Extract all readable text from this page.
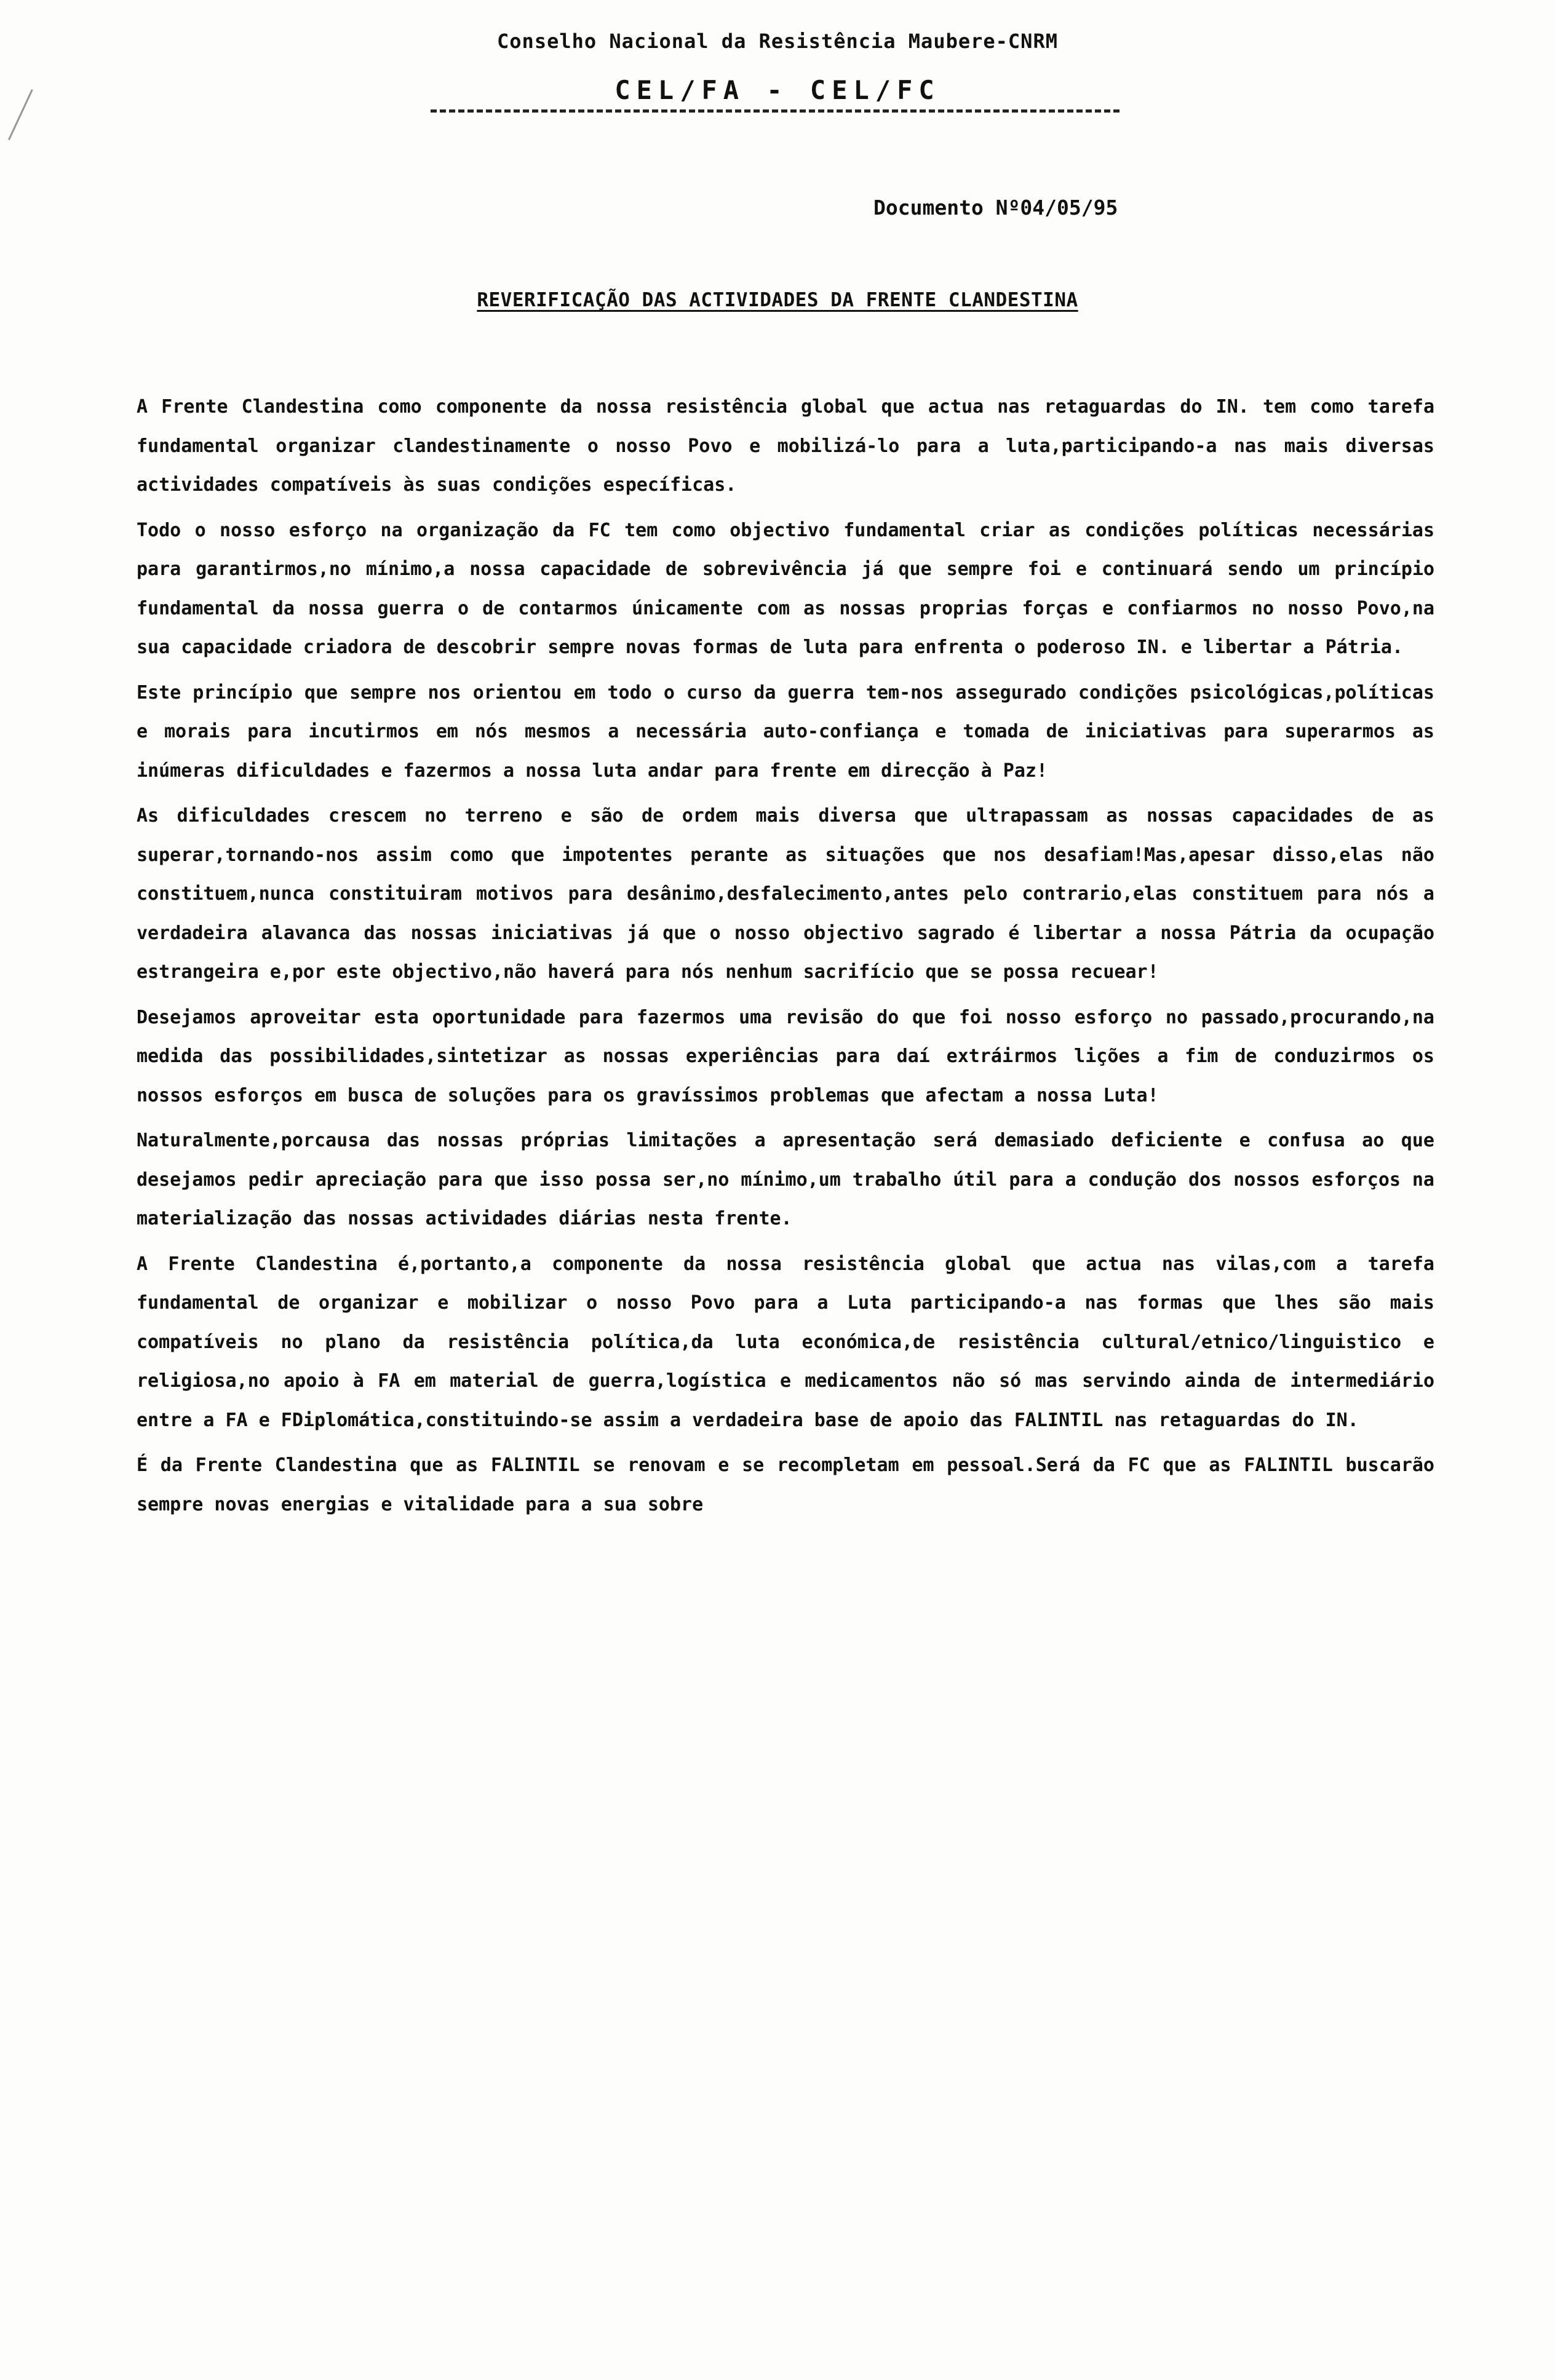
Conselho Nacional da Resistência Maubere-CNRM
CEL/FA - CEL/FC
Documento Nº04/05/95
REVERIFICAÇÃO DAS ACTIVIDADES DA FRENTE CLANDESTINA

A Frente Clandestina como componente da nossa resistência global que actua nas retaguardas do IN. tem como tarefa fundamental organizar clandestinamente o nosso Povo e mobilizá-lo para a luta,participando-a nas mais diversas actividades compatíveis às suas condições específicas.

Todo o nosso esforço na organização da FC tem como objectivo fundamental criar as condições políticas necessárias para garantirmos,no mínimo,a nossa capacidade de sobrevivência já que sempre foi e continuará sendo um princípio fundamental da nossa guerra o de contarmos únicamente com as nossas proprias forças e confiarmos no nosso Povo,na sua capacidade criadora de descobrir sempre novas formas de luta para enfrenta o poderoso IN. e libertar a Pátria.

Este princípio que sempre nos orientou em todo o curso da guerra tem-nos assegurado condições psicológicas,políticas e morais para incutirmos em nós mesmos a necessária auto-confiança e tomada de iniciativas para superarmos as inúmeras dificuldades e fazermos a nossa luta andar para frente em direcção à Paz!

As dificuldades crescem no terreno e são de ordem mais diversa que ultrapassam as nossas capacidades de as superar,tornando-nos assim como que impotentes perante as situações que nos desafiam!Mas,apesar disso,elas não constituem,nunca constituiram motivos para desânimo,desfalecimento,antes pelo contrario,elas constituem para nós a verdadeira alavanca das nossas iniciativas já que o nosso objectivo sagrado é libertar a nossa Pátria da ocupação estrangeira e,por este objectivo,não haverá para nós nenhum sacrifício que se possa recuear!

Desejamos aproveitar esta oportunidade para fazermos uma revisão do que foi nosso esforço no passado,procurando,na medida das possibilidades,sintetizar as nossas experiências para daí extráirmos lições a fim de conduzirmos os nossos esforços em busca de soluções para os gravíssimos problemas que afectam a nossa Luta!

Naturalmente,porcausa das nossas próprias limitações a apresentação será demasiado deficiente e confusa ao que desejamos pedir apreciação para que isso possa ser,no mínimo,um trabalho útil para a condução dos nossos esforços na materialização das nossas actividades diárias nesta frente.

A Frente Clandestina é,portanto,a componente da nossa resistência global que actua nas vilas,com a tarefa fundamental de organizar e mobilizar o nosso Povo para a Luta participando-a nas formas que lhes são mais compatíveis no plano da resistência política,da luta económica,de resistência cultural/etnico/linguistico e religiosa,no apoio à FA em material de guerra,logística e medicamentos não só mas servindo ainda de intermediário entre a FA e FDiplomática,constituindo-se assim a verdadeira base de apoio das FALINTIL nas retaguardas do IN.

É da Frente Clandestina que as FALINTIL se renovam e se recompletam em pessoal.Será da FC que as FALINTIL buscarão sempre novas energias e vitalidade para a sua sobre
